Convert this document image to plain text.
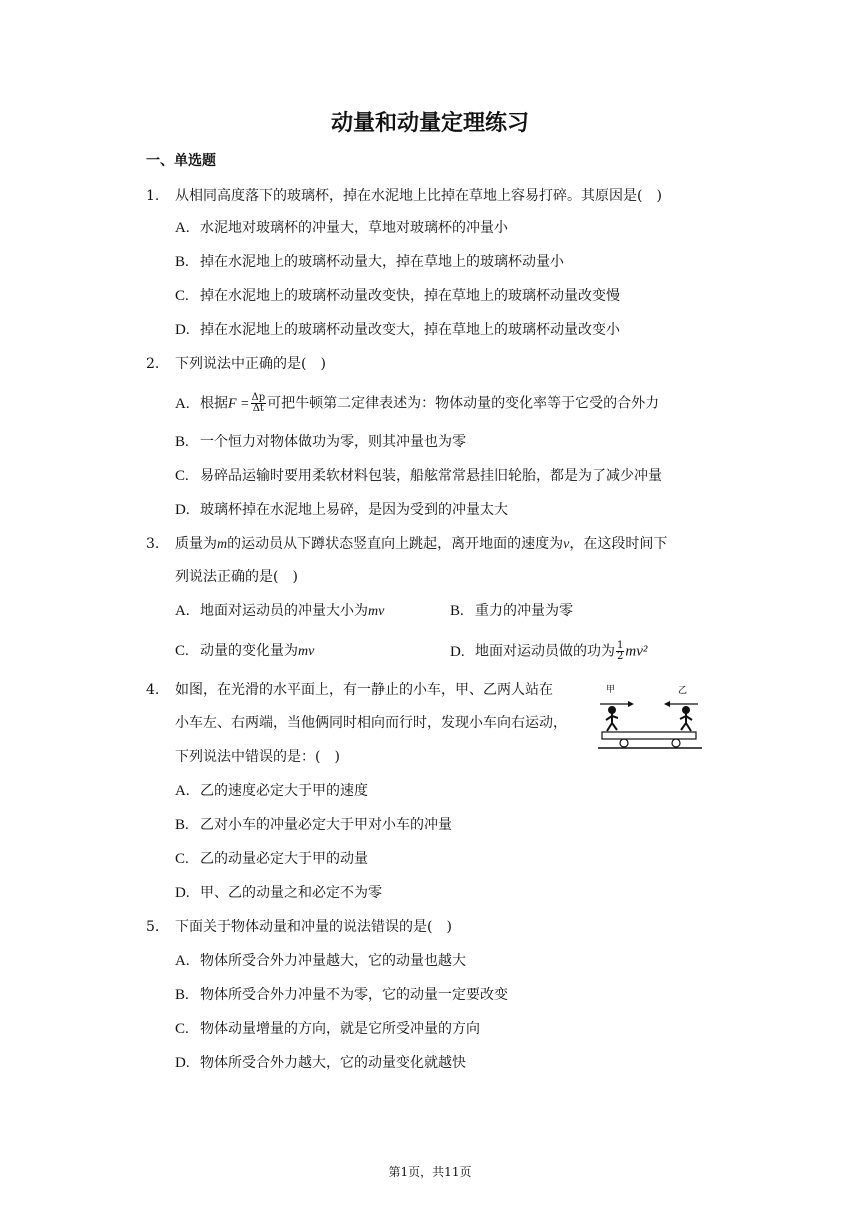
动量和动量定理练习
一、单选题
1. 从相同高度落下的玻璃杯，掉在水泥地上比掉在草地上容易打碎。其原因是(　)
A. 水泥地对玻璃杯的冲量大，草地对玻璃杯的冲量小
B. 掉在水泥地上的玻璃杯动量大，掉在草地上的玻璃杯动量小
C. 掉在水泥地上的玻璃杯动量改变快，掉在草地上的玻璃杯动量改变慢
D. 掉在水泥地上的玻璃杯动量改变大，掉在草地上的玻璃杯动量改变小
2. 下列说法中正确的是(　)
A. 根据$F = \frac{\Delta p}{\Delta t}$ 可把牛顿第二定律表述为：物体动量的变化率等于它受的合外力
B. 一个恒力对物体做功为零，则其冲量也为零
C. 易碎品运输时要用柔软材料包装，船舷常常悬挂旧轮胎，都是为了减少冲量
D. 玻璃杯掉在水泥地上易碎，是因为受到的冲量太大
3. 质量为m的运动员从下蹲状态竖直向上跳起，离开地面的速度为v，在这段时间下
列说法正确的是(　)
A. 地面对运动员的冲量大小为mv	B. 重力的冲量为零
C. 动量的变化量为mv	D. 地面对运动员做的功为 $\frac{1}{2} mv^2$
4. 如图，在光滑的水平面上，有一静止的小车，甲、乙两人站在
小车左、右两端，当他俩同时相向而行时，发现小车向右运动，
下列说法中错误的是：(　)
甲	乙
A. 乙的速度必定大于甲的速度
B. 乙对小车的冲量必定大于甲对小车的冲量
C. 乙的动量必定大于甲的动量
D. 甲、乙的动量之和必定不为零
5. 下面关于物体动量和冲量的说法错误的是(　)
A. 物体所受合外力冲量越大，它的动量也越大
B. 物体所受合外力冲量不为零，它的动量一定要改变
C. 物体动量增量的方向，就是它所受冲量的方向
D. 物体所受合外力越大，它的动量变化就越快
第1页，共11页
